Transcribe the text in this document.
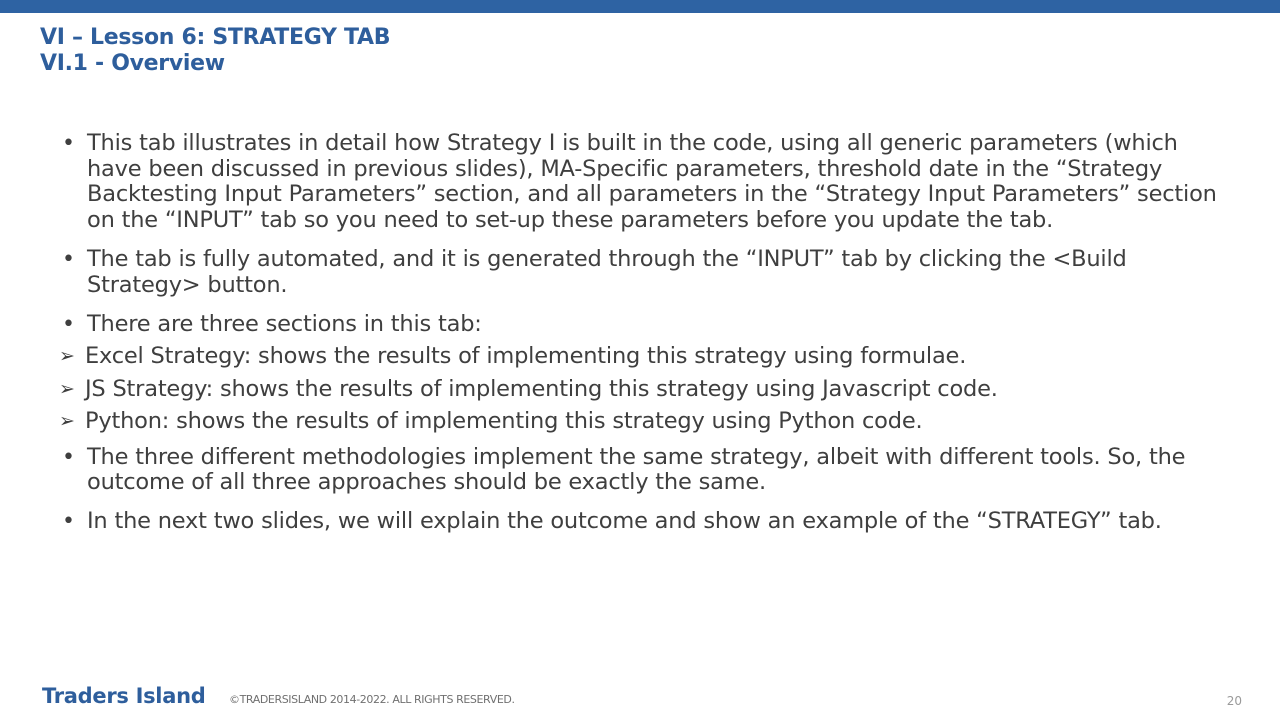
VI – Lesson 6: STRATEGY TAB
VI.1 - Overview
• This tab illustrates in detail how Strategy I is built in the code, using all generic parameters (which have been discussed in previous slides), MA-Specific parameters, threshold date in the “Strategy Backtesting Input Parameters” section, and all parameters in the “Strategy Input Parameters” section on the “INPUT” tab so you need to set-up these parameters before you update the tab.
• The tab is fully automated, and it is generated through the “INPUT” tab by clicking the <Build Strategy> button.
• There are three sections in this tab:
➢ Excel Strategy: shows the results of implementing this strategy using formulae.
➢ JS Strategy: shows the results of implementing this strategy using Javascript code.
➢ Python: shows the results of implementing this strategy using Python code.
• The three different methodologies implement the same strategy, albeit with different tools. So, the outcome of all three approaches should be exactly the same.
• In the next two slides, we will explain the outcome and show an example of the “STRATEGY” tab.
Traders Island ©TRADERSISLAND 2014-2022. ALL RIGHTS RESERVED.	20
